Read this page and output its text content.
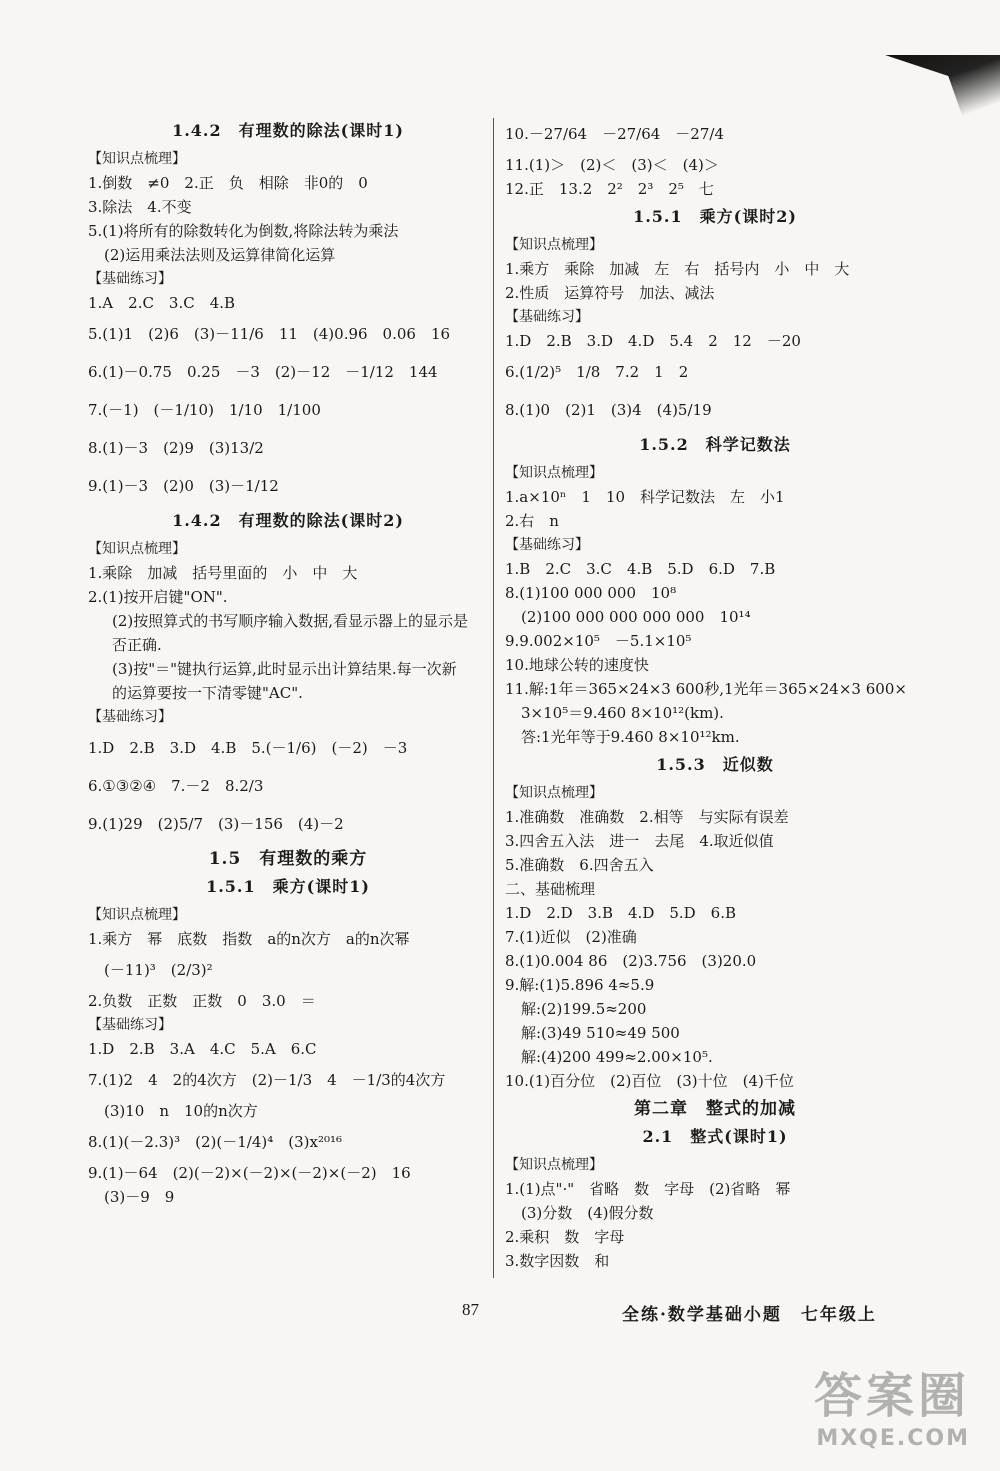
1.4.2　有理数的除法(课时1)
【知识点梳理】
1.倒数　≠0　2.正　负　相除　非0的　0
3.除法　4.不变
5.(1)将所有的除数转化为倒数,将除法转为乘法
(2)运用乘法法则及运算律简化运算
【基础练习】
1.A　2.C　3.C　4.B
5.(1)1　(2)6　(3)－11/6　11　(4)0.96　0.06　16
6.(1)－0.75　0.25　－3　(2)－12　－1/12　144
7.(－1)　(－1/10)　1/10　1/100
8.(1)－3　(2)9　(3)13/2
9.(1)－3　(2)0　(3)－1/12
1.4.2　有理数的除法(课时2)
【知识点梳理】
1.乘除　加减　括号里面的　小　中　大
2.(1)按开启键"ON".
(2)按照算式的书写顺序输入数据,看显示器上的显示是
否正确.
(3)按"＝"键执行运算,此时显示出计算结果.每一次新
的运算要按一下清零键"AC".
【基础练习】
1.D　2.B　3.D　4.B　5.(－1/6)　(－2)　－3
6.①③②④　7.－2　8.2/3
9.(1)29　(2)5/7　(3)－156　(4)－2
1.5　有理数的乘方
1.5.1　乘方(课时1)
【知识点梳理】
1.乘方　幂　底数　指数　a的n次方　a的n次幂
(－11)³　(2/3)²
2.负数　正数　正数　0　3.0　＝
【基础练习】
1.D　2.B　3.A　4.C　5.A　6.C
7.(1)2　4　2的4次方　(2)－1/3　4　－1/3的4次方
(3)10　n　10的n次方
8.(1)(－2.3)³　(2)(－1/4)⁴　(3)x²⁰¹⁶
9.(1)－64　(2)(－2)×(－2)×(－2)×(－2)　16
(3)－9　9
10.－27/64　－27/64　－27/4
11.(1)＞　(2)＜　(3)＜　(4)＞
12.正　13.2　2²　2³　2⁵　七
1.5.1　乘方(课时2)
【知识点梳理】
1.乘方　乘除　加减　左　右　括号内　小　中　大
2.性质　运算符号　加法、减法
【基础练习】
1.D　2.B　3.D　4.D　5.4　2　12　－20
6.(1/2)⁵　1/8　7.2　1　2
8.(1)0　(2)1　(3)4　(4)5/19
1.5.2　科学记数法
【知识点梳理】
1.a×10ⁿ　1　10　科学记数法　左　小1
2.右　n
【基础练习】
1.B　2.C　3.C　4.B　5.D　6.D　7.B
8.(1)100 000 000　10⁸
(2)100 000 000 000 000　10¹⁴
9.9.002×10⁵　－5.1×10⁵
10.地球公转的速度快
11.解:1年＝365×24×3 600秒,1光年＝365×24×3 600×
3×10⁵＝9.460 8×10¹²(km).
答:1光年等于9.460 8×10¹²km.
1.5.3　近似数
【知识点梳理】
1.准确数　准确数　2.相等　与实际有误差
3.四舍五入法　进一　去尾　4.取近似值
5.准确数　6.四舍五入
二、基础梳理
1.D　2.D　3.B　4.D　5.D　6.B
7.(1)近似　(2)准确
8.(1)0.004 86　(2)3.756　(3)20.0
9.解:(1)5.896 4≈5.9
解:(2)199.5≈200
解:(3)49 510≈49 500
解:(4)200 499≈2.00×10⁵.
10.(1)百分位　(2)百位　(3)十位　(4)千位
第二章　整式的加减
2.1　整式(课时1)
【知识点梳理】
1.(1)点"·"　省略　数　字母　(2)省略　幂
(3)分数　(4)假分数
2.乘积　数　字母
3.数字因数　和
87	全练·数学基础小题　七年级上
答案圈
MXQE.COM
